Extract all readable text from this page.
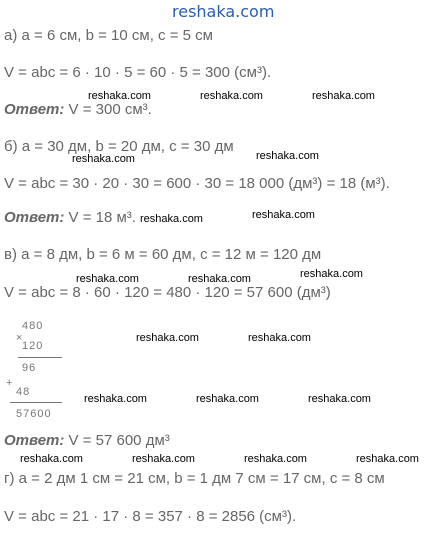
reshaka.com
а) a = 6 см, b = 10 см, c = 5 см
V = abc = 6 · 10 · 5 = 60 · 5 = 300 (см³).
Ответ: V = 300 см³.
reshaka.com	reshaka.com	reshaka.com
б) a = 30 дм, b = 20 дм, c = 30 дм
reshaka.com	reshaka.com
V = abc = 30 · 20 · 30 = 600 · 30 = 18 000 (дм³) = 18 (м³).
Ответ: V = 18 м³. reshaka.com	reshaka.com
в) a = 8 дм, b = 6 м = 60 дм, c = 12 м = 120 дм
reshaka.com
reshaka.com	reshaka.com
V = abc = 8 · 60 · 120 = 480 · 120 = 57 600 (дм³)
×
480
120
96
+
48
57600
reshaka.com	reshaka.com
reshaka.com	reshaka.com	reshaka.com
Ответ: V = 57 600 дм³
reshaka.com	reshaka.com	reshaka.com	reshaka.com
г) a = 2 дм 1 см = 21 см, b = 1 дм 7 см = 17 см, c = 8 см
V = abc = 21 · 17 · 8 = 357 · 8 = 2856 (см³).
